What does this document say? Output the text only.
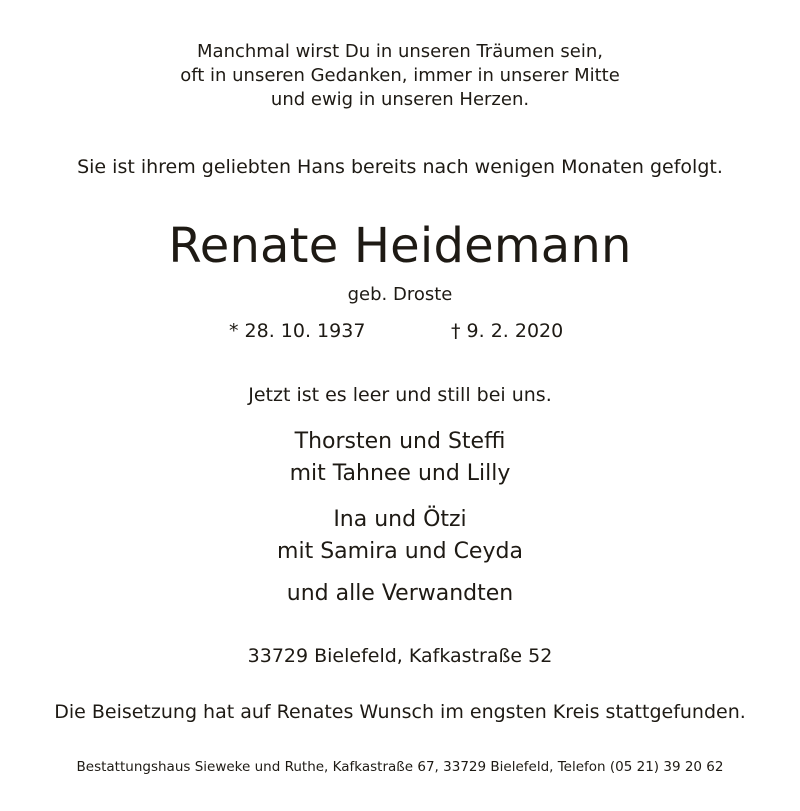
Manchmal wirst Du in unseren Träumen sein,
oft in unseren Gedanken, immer in unserer Mitte
und ewig in unseren Herzen.
Sie ist ihrem geliebten Hans bereits nach wenigen Monaten gefolgt.
Renate Heidemann
geb. Droste
* 28. 10. 1937	† 9. 2. 2020
Jetzt ist es leer und still bei uns.
Thorsten und Steffi
mit Tahnee und Lilly
Ina und Ötzi
mit Samira und Ceyda
und alle Verwandten
33729 Bielefeld, Kafkastraße 52
Die Beisetzung hat auf Renates Wunsch im engsten Kreis stattgefunden.
Bestattungshaus Sieweke und Ruthe, Kafkastraße 67, 33729 Bielefeld, Telefon (05 21) 39 20 62
